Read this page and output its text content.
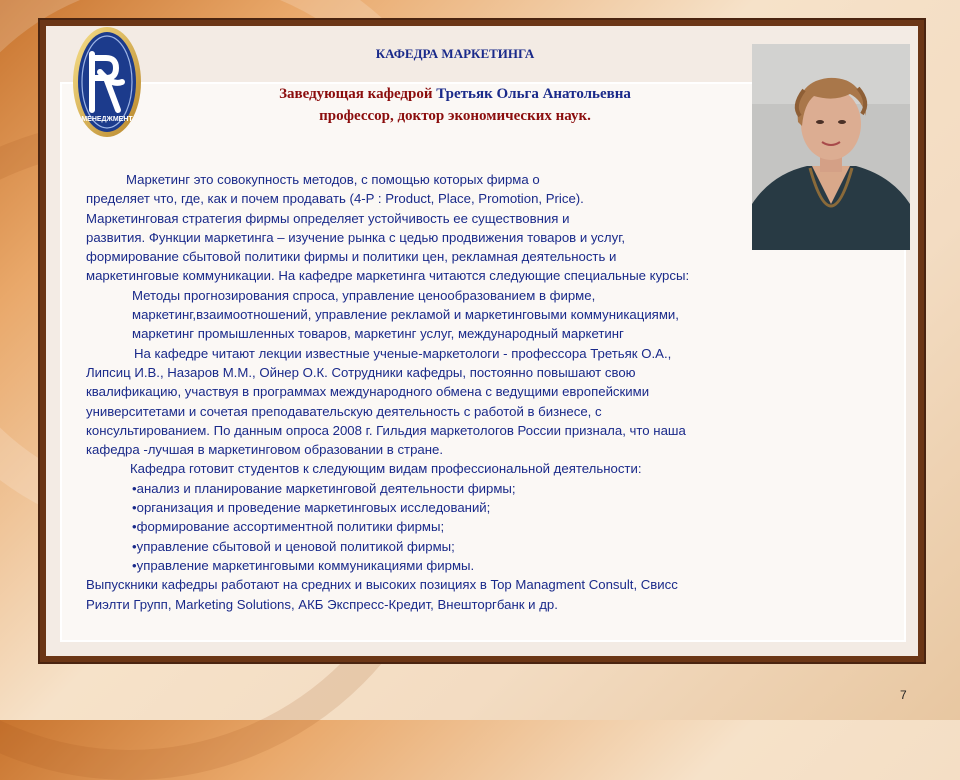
МЕНЕДЖМЕНТ
КАФЕДРА МАРКЕТИНГА
Заведующая кафедрой Третьяк Ольга Анатольевна
профессор, доктор экономических наук.
Маркетинг это совокупность методов, с помощью которых фирма о
пределяет что, где, как и почем продавать (4-P : Product, Place, Promotion, Price).
Маркетинговая стратегия фирмы определяет устойчивость ее существовния и
развития. Функции маркетинга – изучение рынка с цедью продвижения товаров и услуг,
формирование сбытовой политики фирмы и политики цен, рекламная деятельность и
маркетинговые коммуникации. На кафедре маркетинга читаются следующие специальные курсы:
Методы прогнозирования спроса, управление ценообразованием в фирме,
маркетинг,взаимоотношений, управление рекламой и маркетинговыми коммуникациями,
маркетинг промышленных товаров, маркетинг услуг, международный маркетинг
На кафедре читают лекции известные ученые-маркетологи - профессора Третьяк О.А.,
Липсиц И.В., Назаров М.М., Ойнер О.К. Сотрудники кафедры, постоянно повышают свою
квалификацию, участвуя в программах международного обмена с ведущими европейскими
университетами и сочетая преподавательскую деятельность с работой в бизнесе, с
консультированием. По данным опроса 2008 г. Гильдия маркетологов России признала, что наша
кафедра -лучшая в маркетинговом образовании в стране.
Кафедра готовит студентов к следующим видам профессиональной деятельности:
•анализ и планирование маркетинговой деятельности фирмы;
•организация и проведение маркетинговых исследований;
•формирование ассортиментной политики фирмы;
•управление сбытовой и ценовой политикой фирмы;
•управление маркетинговыми коммуникациями фирмы.
Выпускники кафедры работают на средних и высоких позициях в Top Managment Consult, Свисс
Риэлти Групп, Marketing Solutions, АКБ Экспресс-Кредит, Внешторгбанк и др.
7
